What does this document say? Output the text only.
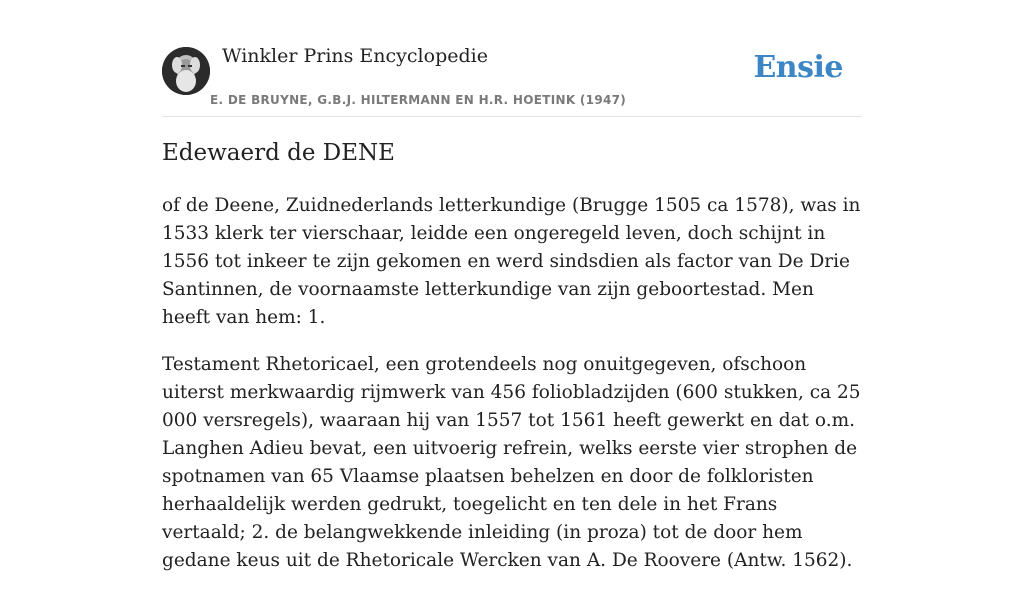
Winkler Prins Encyclopedie
E. DE BRUYNE, G.B.J. HILTERMANN EN H.R. HOETINK (1947)
Ensie
Edewaerd de DENE

of de Deene, Zuidnederlands letterkundige (Brugge 1505 ca 1578), was in 1533 klerk ter vierschaar, leidde een ongeregeld leven, doch schijnt in 1556 tot inkeer te zijn gekomen en werd sindsdien als factor van De Drie Santinnen, de voornaamste letterkundige van zijn geboortestad. Men heeft van hem: 1.

Testament Rhetoricael, een grotendeels nog onuitgegeven, ofschoon uiterst merkwaardig rijmwerk van 456 foliobladzijden (600 stukken, ca 25 000 versregels), waaraan hij van 1557 tot 1561 heeft gewerkt en dat o.m. Langhen Adieu bevat, een uitvoerig refrein, welks eerste vier strophen de spotnamen van 65 Vlaamse plaatsen behelzen en door de folkloristen herhaaldelijk werden gedrukt, toegelicht en ten dele in het Frans vertaald; 2. de belangwekkende inleiding (in proza) tot de door hem gedane keus uit de Rhetoricale Wercken van A. De Roovere (Antw. 1562).
